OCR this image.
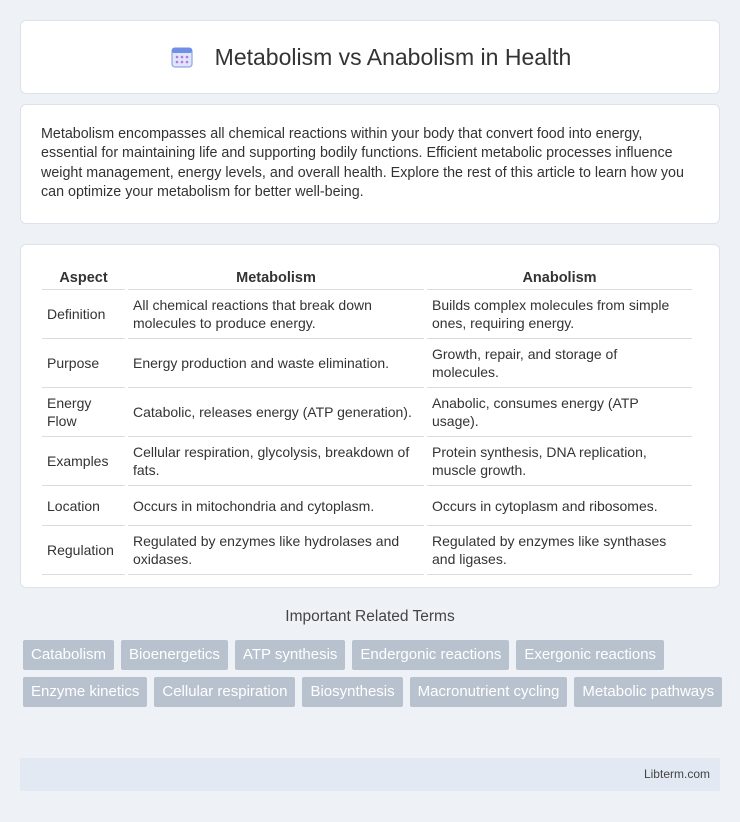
Metabolism vs Anabolism in Health

Metabolism encompasses all chemical reactions within your body that convert food into energy, essential for maintaining life and supporting bodily functions. Efficient metabolic processes influence weight management, energy levels, and overall health. Explore the rest of this article to learn how you can optimize your metabolism for better well-being.

Aspect	Metabolism	Anabolism
Definition	All chemical reactions that break down molecules to produce energy.	Builds complex molecules from simple ones, requiring energy.
Purpose	Energy production and waste elimination.	Growth, repair, and storage of molecules.
Energy Flow	Catabolic, releases energy (ATP generation).	Anabolic, consumes energy (ATP usage).
Examples	Cellular respiration, glycolysis, breakdown of fats.	Protein synthesis, DNA replication, muscle growth.
Location	Occurs in mitochondria and cytoplasm.	Occurs in cytoplasm and ribosomes.
Regulation	Regulated by enzymes like hydrolases and oxidases.	Regulated by enzymes like synthases and ligases.
Important Related Terms
Catabolism	Bioenergetics	ATP synthesis	Endergonic reactions	Exergonic reactions
Enzyme kinetics	Cellular respiration	Biosynthesis	Macronutrient cycling	Metabolic pathways
Libterm.com
